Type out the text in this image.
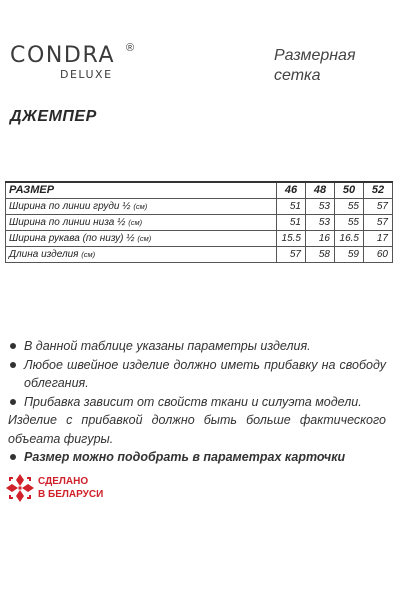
CONDRA ®
DELUXE
Размерная сетка
ДЖЕМПЕР
РАЗМЕР	46	48	50	52
Ширина по линии груди ½ (см)	51	53	55	57
Ширина по линии низа ½ (см)	51	53	55	57
Ширина рукава (по низу) ½ (см)	15.5	16	16.5	17
Длина изделия (см)	57	58	59	60
В данной таблице указаны параметры изделия.
Любое швейное изделие должно иметь прибавку на свободу облегания.
Прибавка зависит от свойств ткани и силуэта модели.
Изделие с прибавкой должно быть больше фактического объеата фигуры.
Размер можно подобрать в параметрах карточки
СДЕЛАНО
В БЕЛАРУСИ
